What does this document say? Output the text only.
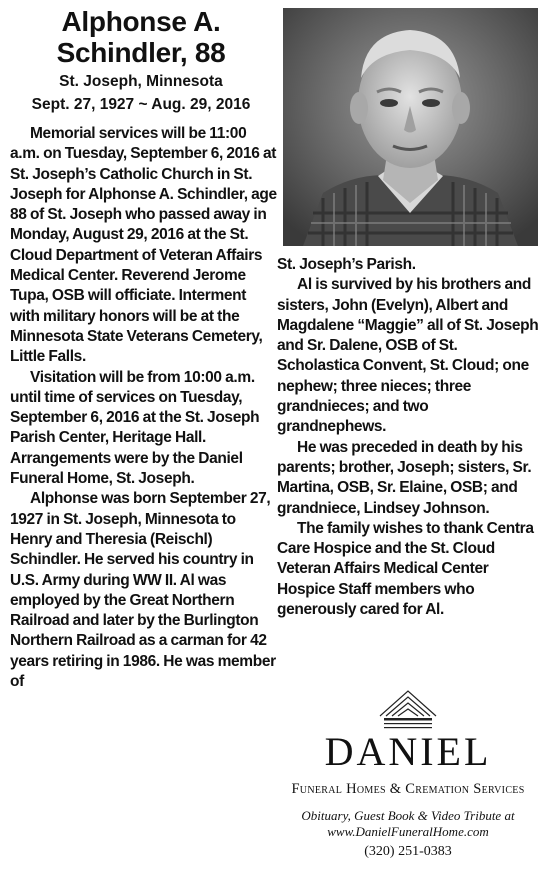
Alphonse A.
Schindler, 88
St. Joseph, Minnesota
Sept. 27, 1927 ~ Aug. 29, 2016

Memorial services will be 11:00 a.m. on Tuesday, September 6, 2016 at St. Joseph’s Catholic Church in St. Joseph for Alphonse A. Schindler, age 88 of St. Joseph who passed away in Monday, August 29, 2016 at the St. Cloud Department of Veteran Affairs Medical Center. Reverend Jerome Tupa, OSB will officiate. Interment with military honors will be at the Minnesota State Veterans Cemetery, Little Falls.

Visitation will be from 10:00 a.m. until time of services on Tuesday, September 6, 2016 at the St. Joseph Parish Center, Heritage Hall. Arrangements were by the Daniel Funeral Home, St. Joseph.

Alphonse was born September 27, 1927 in St. Joseph, Minnesota to Henry and Theresia (Reischl) Schindler. He served his country in U.S. Army during WW II. Al was employed by the Great Northern Railroad and later by the Burlington Northern Railroad as a carman for 42 years retiring in 1986. He was member of

St. Joseph’s Parish.

Al is survived by his brothers and sisters, John (Evelyn), Albert and Magdalene “Maggie” all of St. Joseph and Sr. Dalene, OSB of St. Scholastica Convent, St. Cloud; one nephew; three nieces; three grandnieces; and two grandnephews.

He was preceded in death by his parents; brother, Joseph; sisters, Sr. Martina, OSB, Sr. Elaine, OSB; and grandniece, Lindsey Johnson.

The family wishes to thank Centra Care Hospice and the St. Cloud Veteran Affairs Medical Center Hospice Staff members who generously cared for Al.

DANIEL
Funeral Homes & Cremation Services
Obituary, Guest Book & Video Tribute at
www.DanielFuneralHome.com
(320) 251-0383
